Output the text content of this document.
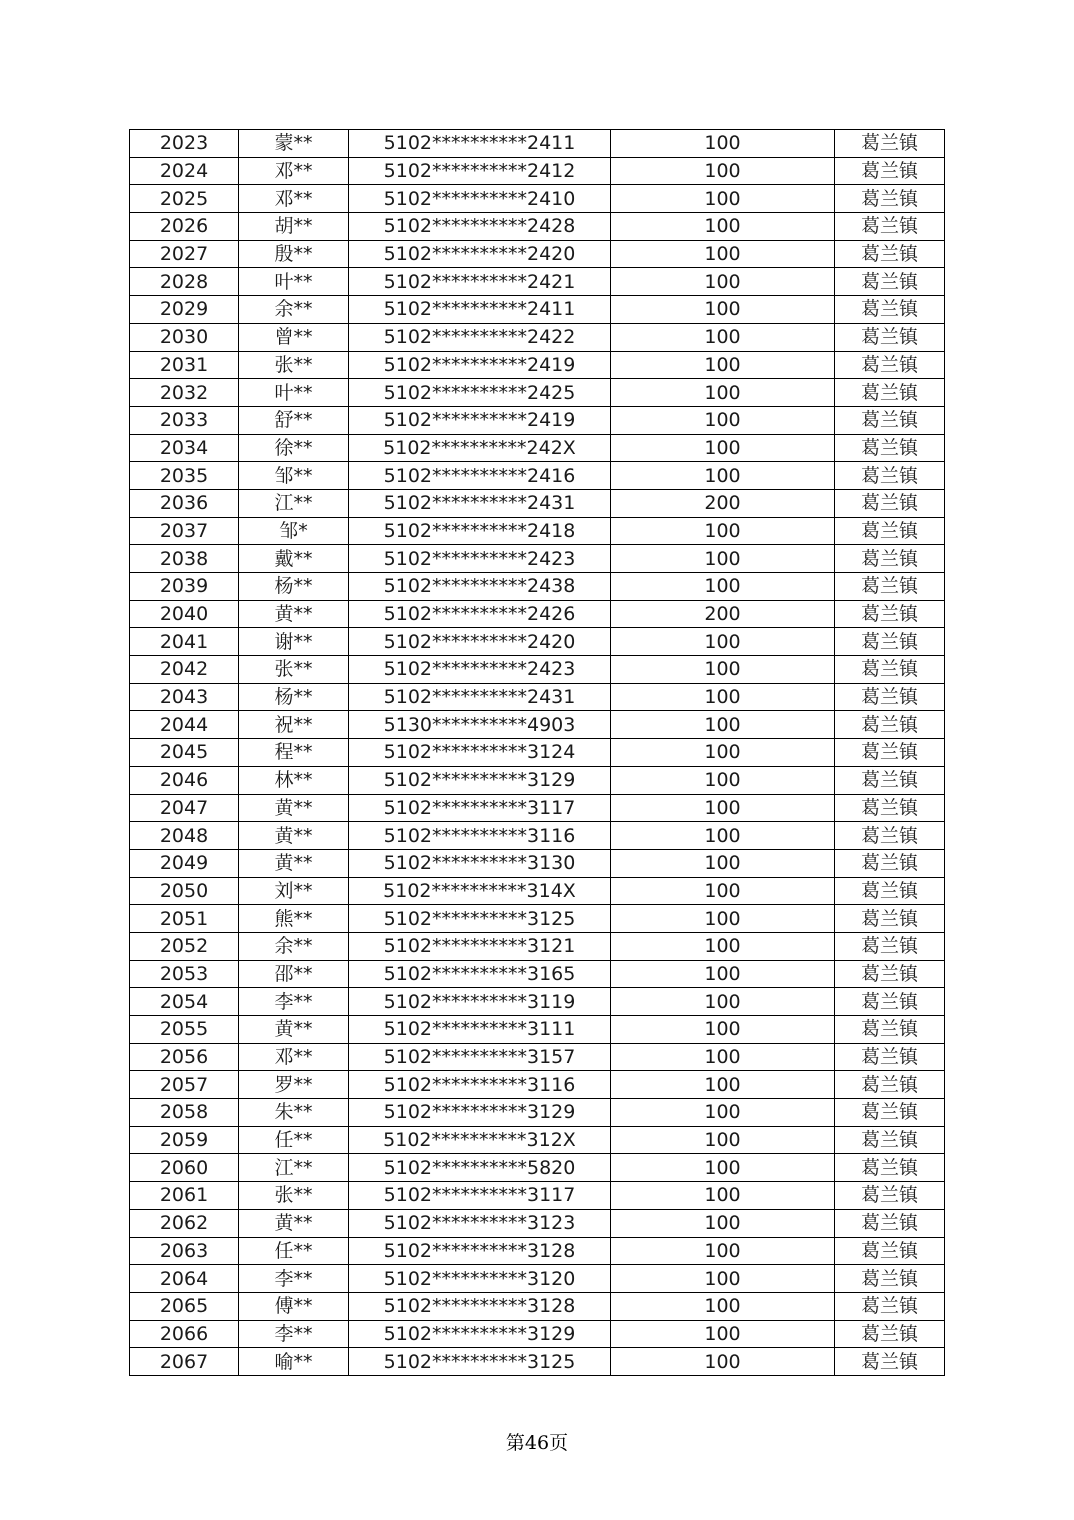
2023	蒙**	5102**********2411	100	葛兰镇
2024	邓**	5102**********2412	100	葛兰镇
2025	邓**	5102**********2410	100	葛兰镇
2026	胡**	5102**********2428	100	葛兰镇
2027	殷**	5102**********2420	100	葛兰镇
2028	叶**	5102**********2421	100	葛兰镇
2029	余**	5102**********2411	100	葛兰镇
2030	曾**	5102**********2422	100	葛兰镇
2031	张**	5102**********2419	100	葛兰镇
2032	叶**	5102**********2425	100	葛兰镇
2033	舒**	5102**********2419	100	葛兰镇
2034	徐**	5102**********242X	100	葛兰镇
2035	邹**	5102**********2416	100	葛兰镇
2036	江**	5102**********2431	200	葛兰镇
2037	邹*	5102**********2418	100	葛兰镇
2038	戴**	5102**********2423	100	葛兰镇
2039	杨**	5102**********2438	100	葛兰镇
2040	黄**	5102**********2426	200	葛兰镇
2041	谢**	5102**********2420	100	葛兰镇
2042	张**	5102**********2423	100	葛兰镇
2043	杨**	5102**********2431	100	葛兰镇
2044	祝**	5130**********4903	100	葛兰镇
2045	程**	5102**********3124	100	葛兰镇
2046	林**	5102**********3129	100	葛兰镇
2047	黄**	5102**********3117	100	葛兰镇
2048	黄**	5102**********3116	100	葛兰镇
2049	黄**	5102**********3130	100	葛兰镇
2050	刘**	5102**********314X	100	葛兰镇
2051	熊**	5102**********3125	100	葛兰镇
2052	余**	5102**********3121	100	葛兰镇
2053	邵**	5102**********3165	100	葛兰镇
2054	李**	5102**********3119	100	葛兰镇
2055	黄**	5102**********3111	100	葛兰镇
2056	邓**	5102**********3157	100	葛兰镇
2057	罗**	5102**********3116	100	葛兰镇
2058	朱**	5102**********3129	100	葛兰镇
2059	任**	5102**********312X	100	葛兰镇
2060	江**	5102**********5820	100	葛兰镇
2061	张**	5102**********3117	100	葛兰镇
2062	黄**	5102**********3123	100	葛兰镇
2063	任**	5102**********3128	100	葛兰镇
2064	李**	5102**********3120	100	葛兰镇
2065	傅**	5102**********3128	100	葛兰镇
2066	李**	5102**********3129	100	葛兰镇
2067	喻**	5102**********3125	100	葛兰镇
第46页
